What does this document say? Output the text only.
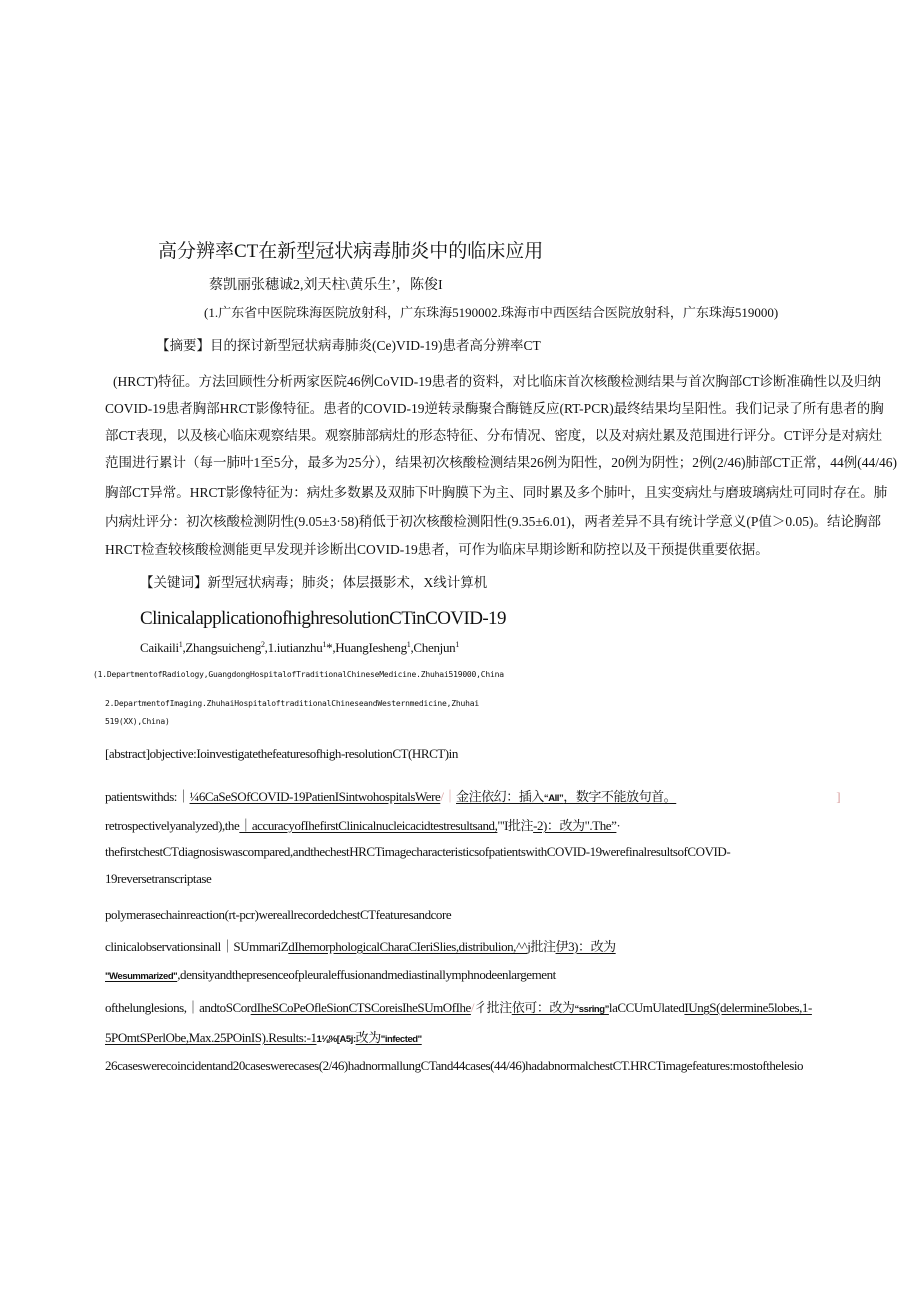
高分辨率CT在新型冠状病毒肺炎中的临床应用
蔡凯丽张穗诚2,刘天柱\黄乐生’，陈俊I
(1.广东省中医院珠海医院放射科，广东珠海5190002.珠海市中西医结合医院放射科，广东珠海519000)
【摘要】目的探讨新型冠状病毒肺炎(Ce)VID-19)患者高分辨率CT
(HRCT)特征。方法回顾性分析两家医院46例CoVID-19患者的资料，对比临床首次核酸检测结果与首次胸部CT诊断准确性以及归纳
COVID-19患者胸部HRCT影像特征。患者的COVID-19逆转录酶聚合酶链反应(RT-PCR)最终结果均呈阳性。我们记录了所有患者的胸
部CT表现，以及核心临床观察结果。观察肺部病灶的形态特征、分布情况、密度，以及对病灶累及范围进行评分。CT评分是对病灶
范围进行累计（每一肺叶1至5分，最多为25分），结果初次核酸检测结果26例为阳性，20例为阴性；2例(2/46)肺部CT正常，44例(44/46)
胸部CT异常。HRCT影像特征为：病灶多数累及双肺下叶胸膜下为主、同时累及多个肺叶，且实变病灶与磨玻璃病灶可同时存在。肺
内病灶评分：初次核酸检测阴性(9.05±3·58)稍低于初次核酸检测阳性(9.35±6.01)，两者差异不具有统计学意义(P值＞0.05)。结论胸部
HRCT检查较核酸检测能更早发现并诊断出COVID-19患者，可作为临床早期诊断和防控以及干预提供重要依据。
【关键词】新型冠状病毒；肺炎；体层摄影术，X线计算机
ClinicalapplicationofhighresolutionCTinCOVID-19
Caikaili$^1$,Zhangsuicheng$^2$,1.iutianzhu$^1$*,HuangIesheng$^1$,Chenjun$^1$
(1.DepartmentofRadiology,GuangdongHospitalofTraditionalChineseMedicine.Zhuhai519000,China
2.DepartmentofImaging.ZhuhaiHospitaloftraditionalChineseandWesternmedicine,Zhuhai
519(XX),China)
[abstract]objective:Ioinvestigatethefeaturesofhigh-resolutionCT(HRCT)in
patientswithds:｜¼6CaSeSOfCOVID-19PatienISintwohospitalsWere/｜金注依幻：插入“All”，数字不能放句首。	]
retrospectivelyanalyzed),the｜accuracyofIhefirstClinicalnucleicacidtestresultsand,"'I批注-2)：改为".The”·
thefirstchestCTdiagnosiswascompared,andthechestHRCTimagecharacteristicsofpatientswithCOVID-19werefinalresultsofCOVID-
19reversetranscriptase
polymerasechainreaction(rt-pcr)wereallrecordedchestCTfeaturesandcore
clinicalobservationsinall｜SUmmariZdIhemorphologicalCharaCIeriSlies,distribulion,^^j批注伊3)：改为
"Wesummarized",densityandthepresenceofpleuraleffusionandmediastinallymphnodeenlargement
ofthelunglesions,｜andtoSCordIheSCoPeOfleSionCTSCoreisIheSUmOfIhe/彳批注依可：改为“ssring”laCCUmUlatedIUngS(delermine5lobes,1-
5POmtSPerlObe,Max.25POinIS).Results:-11⅛%[A5j:改为"infected"
26caseswerecoincidentand20caseswerecases(2/46)hadnormallungCTand44cases(44/46)hadabnormalchestCT.HRCTimagefeatures:mostofthelesio
